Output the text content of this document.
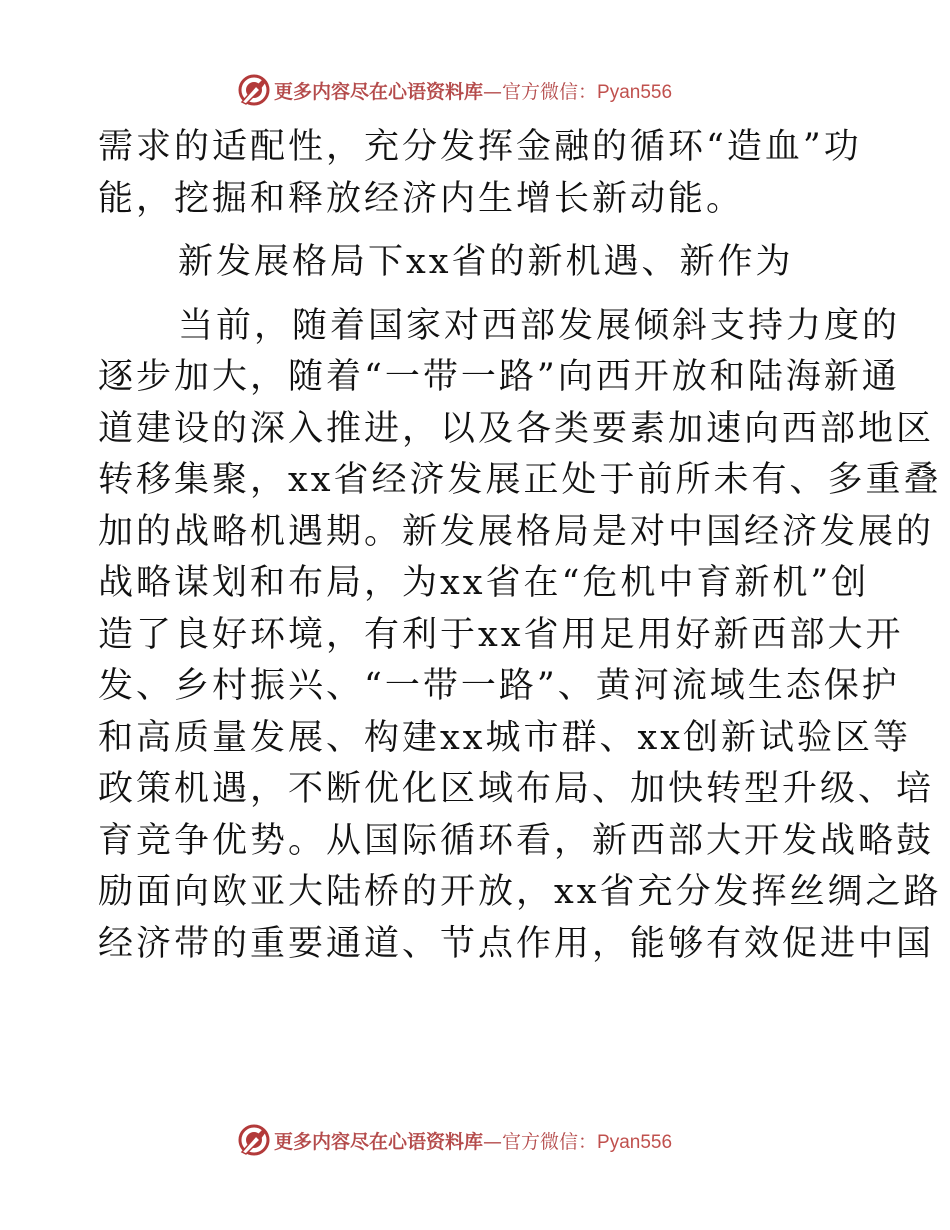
更多内容尽在心语资料库—官方微信：Pyan556
需求的适配性，充分发挥金融的循环“造血”功
能，挖掘和释放经济内生增长新动能。
新发展格局下xx省的新机遇、新作为
当前，随着国家对西部发展倾斜支持力度的
逐步加大，随着“一带一路”向西开放和陆海新通
道建设的深入推进，以及各类要素加速向西部地区
转移集聚，xx省经济发展正处于前所未有、多重叠
加的战略机遇期。新发展格局是对中国经济发展的
战略谋划和布局，为xx省在“危机中育新机”创
造了良好环境，有利于xx省用足用好新西部大开
发、乡村振兴、“一带一路”、黄河流域生态保护
和高质量发展、构建xx城市群、xx创新试验区等
政策机遇，不断优化区域布局、加快转型升级、培
育竞争优势。从国际循环看，新西部大开发战略鼓
励面向欧亚大陆桥的开放，xx省充分发挥丝绸之路
经济带的重要通道、节点作用，能够有效促进中国
更多内容尽在心语资料库—官方微信：Pyan556
